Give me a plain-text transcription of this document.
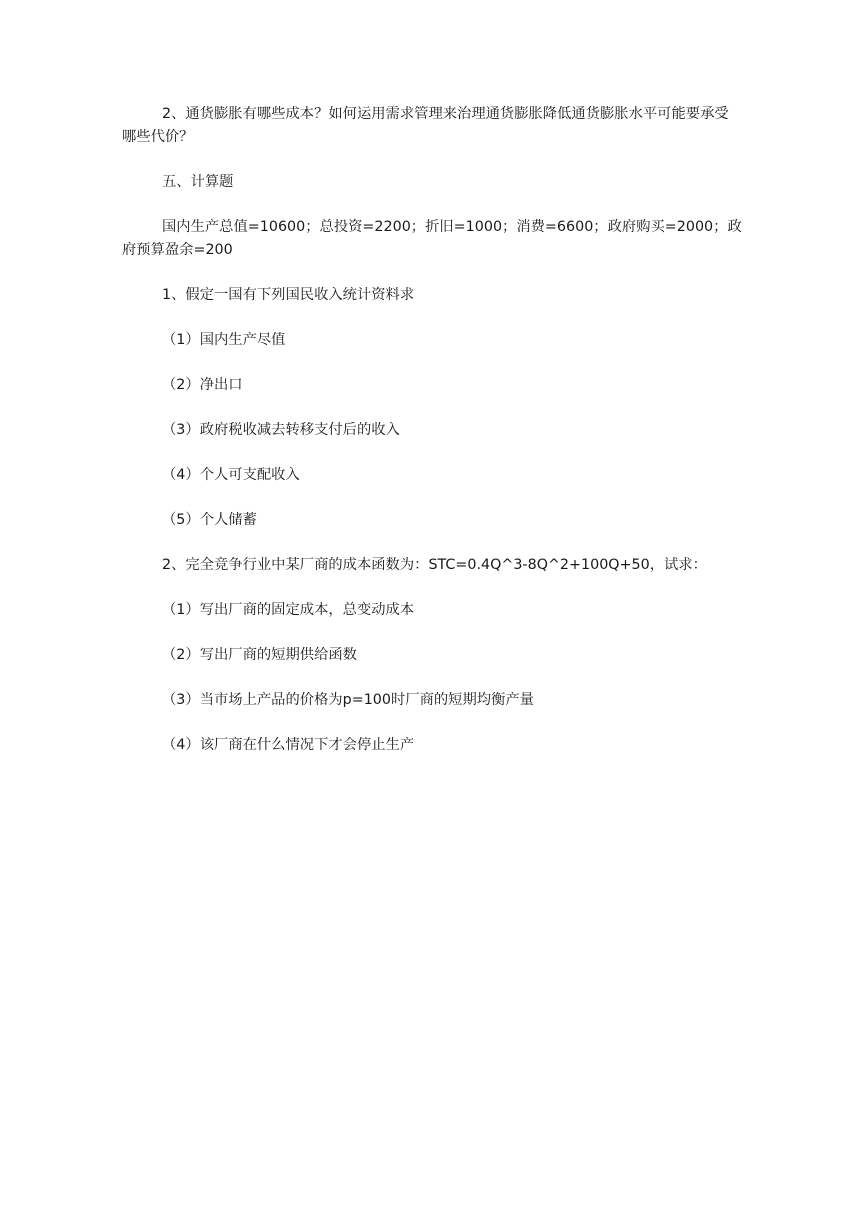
2、通货膨胀有哪些成本？如何运用需求管理来治理通货膨胀降低通货膨胀水平可能要承受哪些代价？

五、计算题

国内生产总值=10600；总投资=2200；折旧=1000；消费=6600；政府购买=2000；政府预算盈余=200

1、假定一国有下列国民收入统计资料求

（1）国内生产尽值

（2）净出口

（3）政府税收减去转移支付后的收入

（4）个人可支配收入

（5）个人储蓄

2、完全竞争行业中某厂商的成本函数为：STC=0.4Q^3-8Q^2+100Q+50，试求：

（1）写出厂商的固定成本，总变动成本

（2）写出厂商的短期供给函数

（3）当市场上产品的价格为p=100时厂商的短期均衡产量

（4）该厂商在什么情况下才会停止生产
